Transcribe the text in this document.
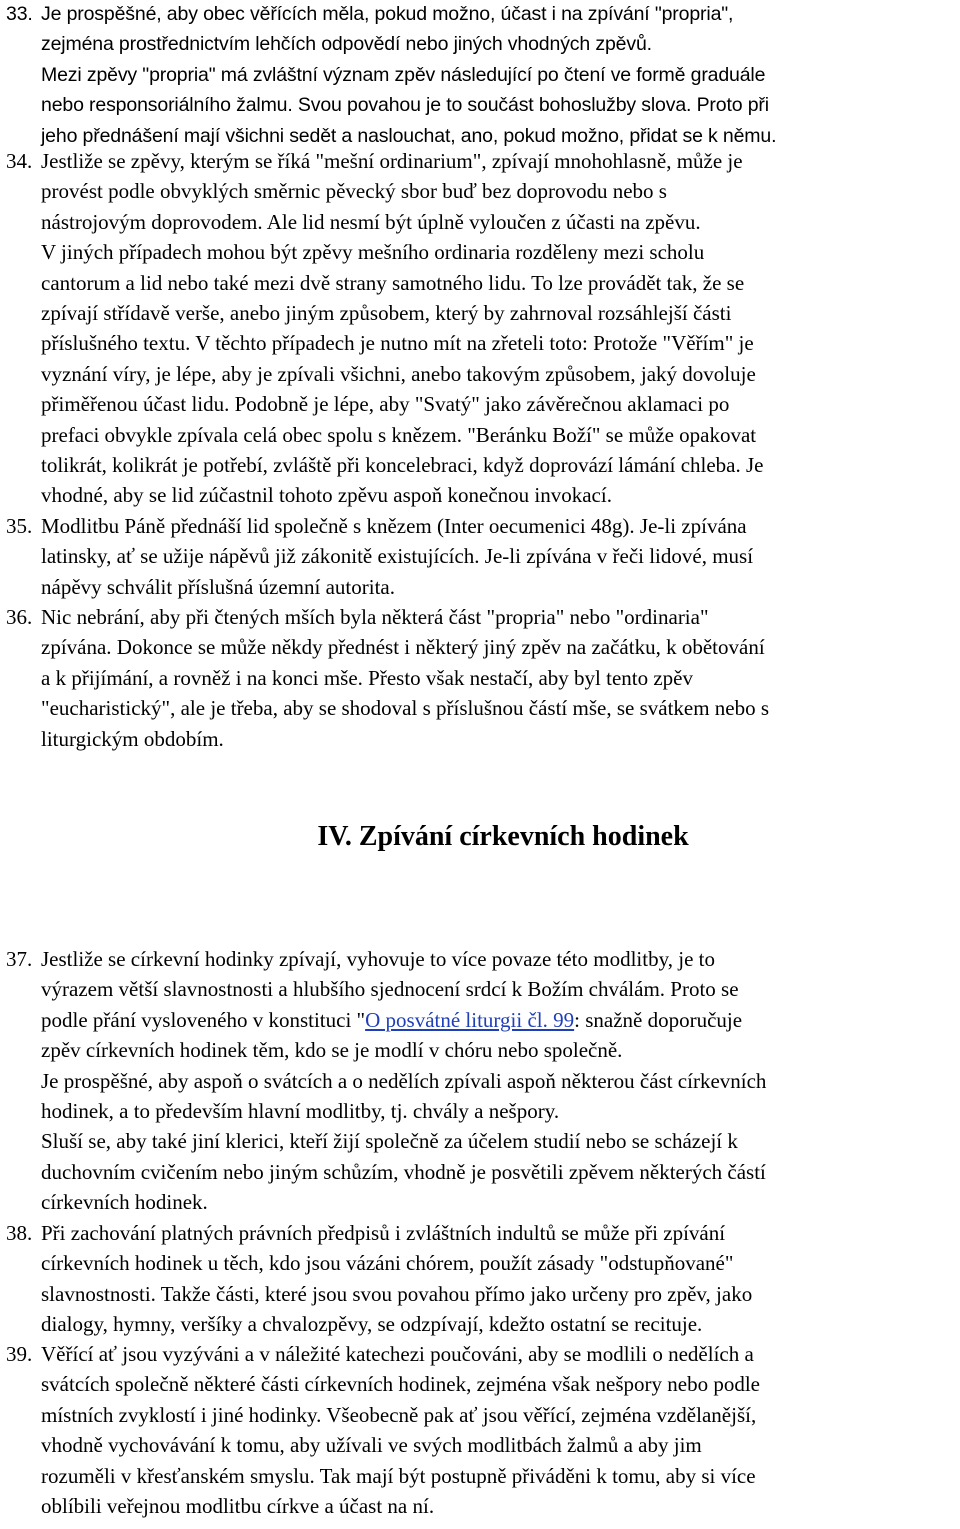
33. Je prospěšné, aby obec věřících měla, pokud možno, účast i na zpívání "propria",
zejména prostřednictvím lehčích odpovědí nebo jiných vhodných zpěvů.
Mezi zpěvy "propria" má zvláštní význam zpěv následující po čtení ve formě graduále
nebo responsoriálního žalmu. Svou povahou je to součást bohoslužby slova. Proto při
jeho přednášení mají všichni sedět a naslouchat, ano, pokud možno, přidat se k němu.
34. Jestliže se zpěvy, kterým se říká "mešní ordinarium", zpívají mnohohlasně, může je
provést podle obvyklých směrnic pěvecký sbor buď bez doprovodu nebo s
nástrojovým doprovodem. Ale lid nesmí být úplně vyloučen z účasti na zpěvu.
V jiných případech mohou být zpěvy mešního ordinaria rozděleny mezi scholu
cantorum a lid nebo také mezi dvě strany samotného lidu. To lze provádět tak, že se
zpívají střídavě verše, anebo jiným způsobem, který by zahrnoval rozsáhlejší části
příslušného textu. V těchto případech je nutno mít na zřeteli toto: Protože "Věřím" je
vyznání víry, je lépe, aby je zpívali všichni, anebo takovým způsobem, jaký dovoluje
přiměřenou účast lidu. Podobně je lépe, aby "Svatý" jako závěrečnou aklamaci po
prefaci obvykle zpívala celá obec spolu s knězem. "Beránku Boží" se může opakovat
tolikrát, kolikrát je potřebí, zvláště při koncelebraci, když doprovází lámání chleba. Je
vhodné, aby se lid zúčastnil tohoto zpěvu aspoň konečnou invokací.
35. Modlitbu Páně přednáší lid společně s knězem (Inter oecumenici 48g). Je-li zpívána
latinsky, ať se užije nápěvů již zákonitě existujících. Je-li zpívána v řeči lidové, musí
nápěvy schválit příslušná územní autorita.
36. Nic nebrání, aby při čtených mších byla některá část "propria" nebo "ordinaria"
zpívána. Dokonce se může někdy přednést i některý jiný zpěv na začátku, k obětování
a k přijímání, a rovněž i na konci mše. Přesto však nestačí, aby byl tento zpěv
"eucharistický", ale je třeba, aby se shodoval s příslušnou částí mše, se svátkem nebo s
liturgickým obdobím.
IV. Zpívání církevních hodinek
37. Jestliže se církevní hodinky zpívají, vyhovuje to více povaze této modlitby, je to
výrazem větší slavnostnosti a hlubšího sjednocení srdcí k Božím chválám. Proto se
podle přání vysloveného v konstituci "O posvátné liturgii čl. 99: snažně doporučuje
zpěv církevních hodinek těm, kdo se je modlí v chóru nebo společně.
Je prospěšné, aby aspoň o svátcích a o nedělích zpívali aspoň některou část církevních
hodinek, a to především hlavní modlitby, tj. chvály a nešpory.
Sluší se, aby také jiní klerici, kteří žijí společně za účelem studií nebo se scházejí k
duchovním cvičením nebo jiným schůzím, vhodně je posvětili zpěvem některých částí
církevních hodinek.
38. Při zachování platných právních předpisů i zvláštních indultů se může při zpívání
církevních hodinek u těch, kdo jsou vázáni chórem, použít zásady "odstupňované"
slavnostnosti. Takže části, které jsou svou povahou přímo jako určeny pro zpěv, jako
dialogy, hymny, veršíky a chvalozpěvy, se odzpívají, kdežto ostatní se recituje.
39. Věřící ať jsou vyzýváni a v náležité katechezi poučováni, aby se modlili o nedělích a
svátcích společně některé části církevních hodinek, zejména však nešpory nebo podle
místních zvyklostí i jiné hodinky. Všeobecně pak ať jsou věřící, zejména vzdělanější,
vhodně vychovávání k tomu, aby užívali ve svých modlitbách žalmů a aby jim
rozuměli v křesťanském smyslu. Tak mají být postupně přiváděni k tomu, aby si více
oblíbili veřejnou modlitbu církve a účast na ní.
